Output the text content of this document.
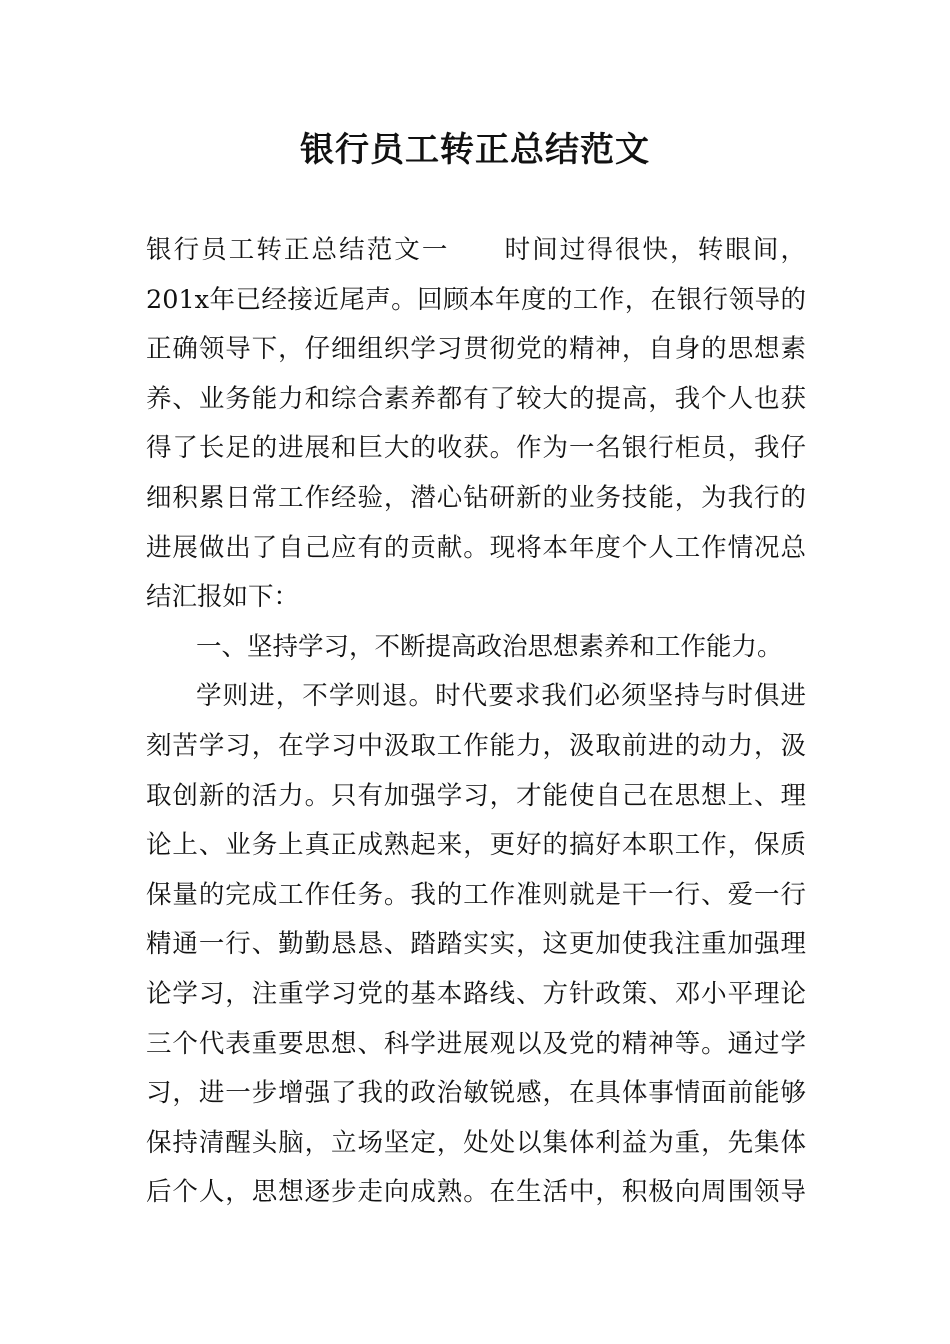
银行员工转正总结范文
银行员工转正总结范文一　　时间过得很快，转眼间，
201x年已经接近尾声。回顾本年度的工作，在银行领导的
正确领导下，仔细组织学习贯彻党的精神，自身的思想素
养、业务能力和综合素养都有了较大的提高，我个人也获
得了长足的进展和巨大的收获。作为一名银行柜员，我仔
细积累日常工作经验，潜心钻研新的业务技能，为我行的
进展做出了自己应有的贡献。现将本年度个人工作情况总
结汇报如下：
一、坚持学习，不断提高政治思想素养和工作能力。
学则进，不学则退。时代要求我们必须坚持与时俱进
刻苦学习，在学习中汲取工作能力，汲取前进的动力，汲
取创新的活力。只有加强学习，才能使自己在思想上、理
论上、业务上真正成熟起来，更好的搞好本职工作，保质
保量的完成工作任务。我的工作准则就是干一行、爱一行
精通一行、勤勤恳恳、踏踏实实，这更加使我注重加强理
论学习，注重学习党的基本路线、方针政策、邓小平理论
三个代表重要思想、科学进展观以及党的精神等。通过学
习，进一步增强了我的政治敏锐感，在具体事情面前能够
保持清醒头脑，立场坚定，处处以集体利益为重，先集体
后个人，思想逐步走向成熟。在生活中，积极向周围领导
